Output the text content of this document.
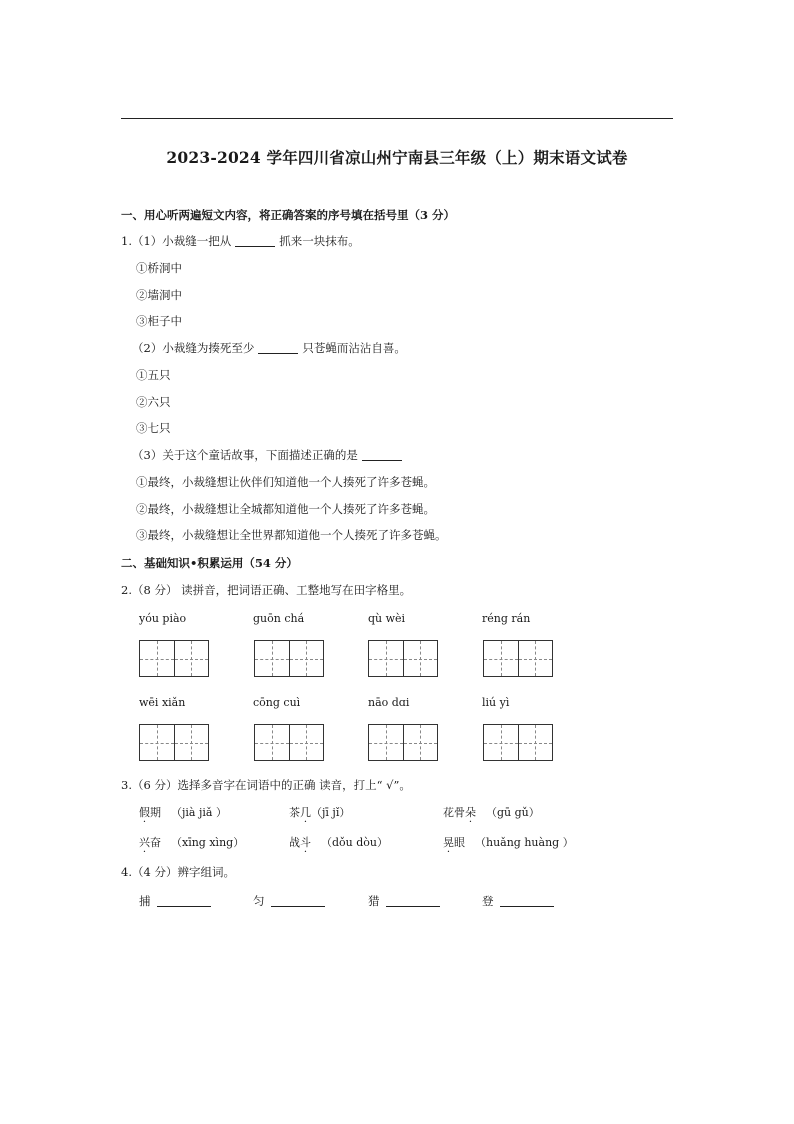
2023-2024 学年四川省凉山州宁南县三年级（上）期末语文试卷
一、用心听两遍短文内容，将正确答案的序号填在括号里（3 分）
1.（1）小裁缝一把从	抓来一块抹布。
①桥洞中
②墙洞中
③柜子中
（2）小裁缝为揍死至少	只苍蝇而沾沾自喜。
①五只
②六只
③七只
（3）关于这个童话故事，下面描述正确的是
①最终，小裁缝想让伙伴们知道他一个人揍死了许多苍蝇。
②最终，小裁缝想让全城都知道他一个人揍死了许多苍蝇。
③最终，小裁缝想让全世界都知道他一个人揍死了许多苍蝇。
二、基础知识•积累运用（54 分）
2.（8 分） 读拼音，把词语正确、工整地写在田字格里。
yóu piào	guōn chá	qù wèi	réng rán
wēi xiǎn	cōng cuì	nāo dɑi	liú yì
3.（6 分）选择多音字在词语中的正确 读音，打上“ √”。
假期 （jià jiǎ ）	茶几（jī jǐ）	花骨朵 （gū gǔ）
兴奋 （xīng xìng）	战斗 （dǒu dòu）	晃眼 （huǎng huàng ）
4.（4 分）辨字组词。
捕	匀	猎	登
